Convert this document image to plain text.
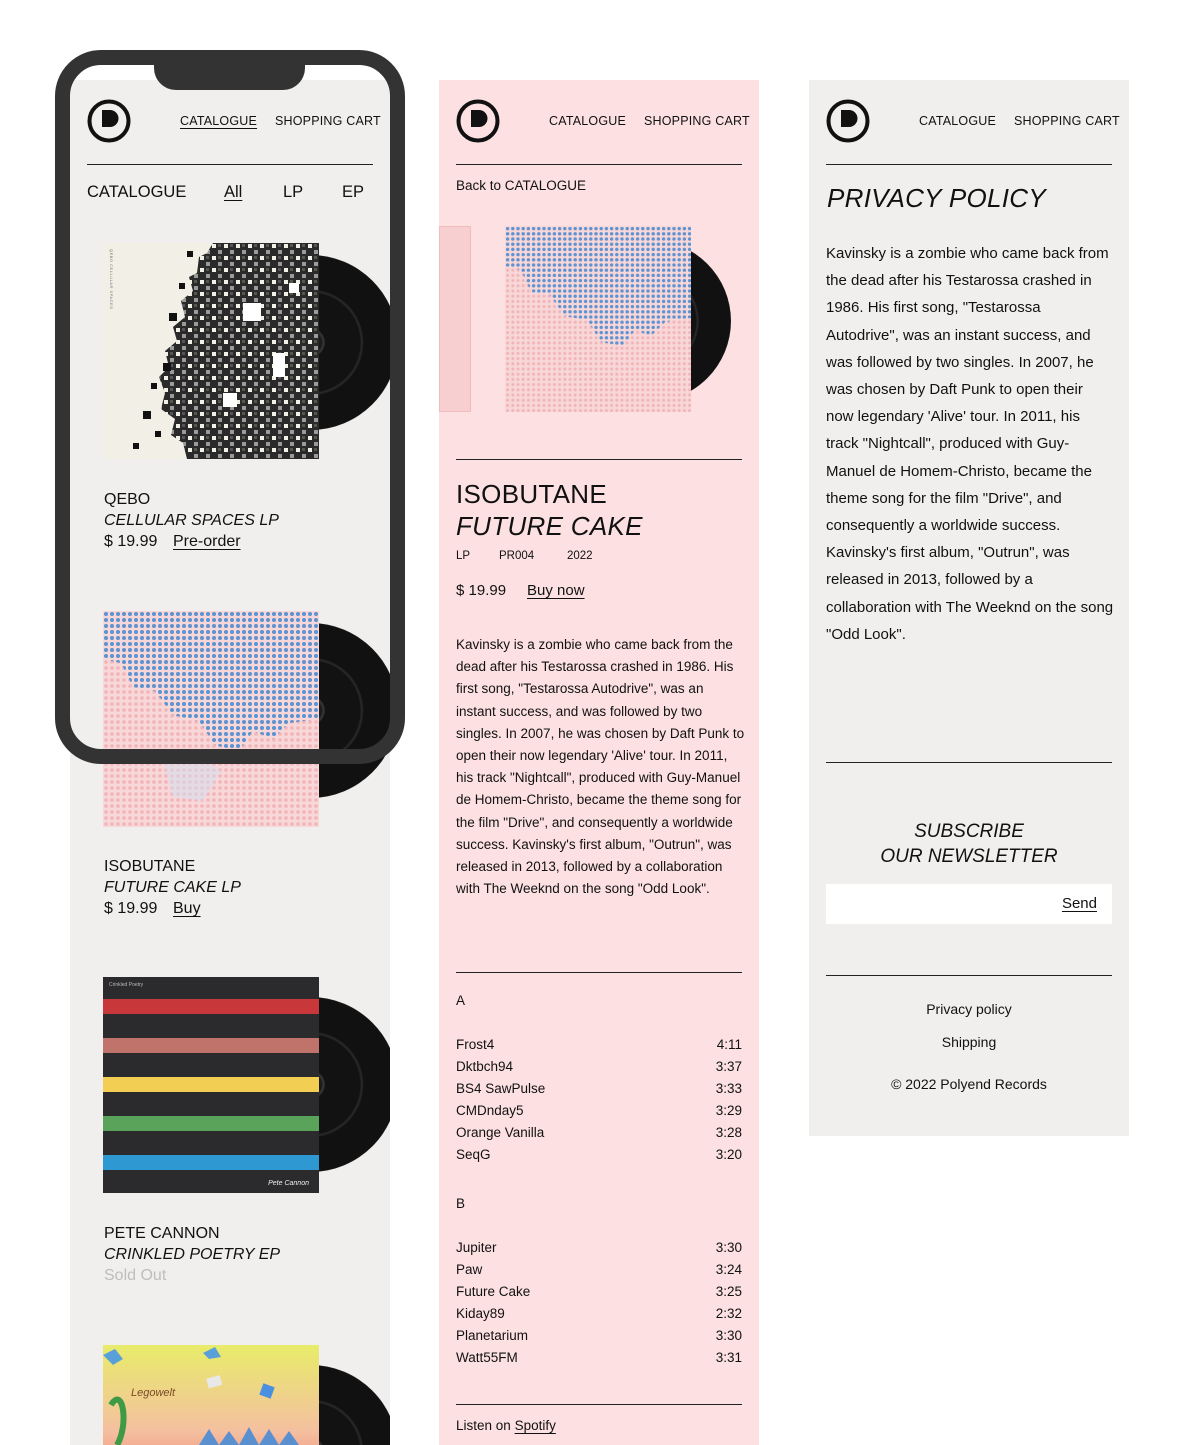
CATALOGUE SHOPPING CART
CATALOGUE All LP EP
QEBO CELLULAR SPACES
QEBO
CELLULAR SPACES LP
$ 19.99 Pre-order
ISOBUTANE
FUTURE CAKE LP
$ 19.99 Buy
Crinkled Poetry
Pete Cannon
PETE CANNON
CRINKLED POETRY EP
Sold Out
Legowelt
CATALOGUE SHOPPING CART
Back to CATALOGUE
ISOBUTANE
FUTURE CAKE
LP	PR004	2022
$ 19.99 Buy now
Kavinsky is a zombie who came back from the dead after his Testarossa crashed in 1986. His first song, "Testarossa Autodrive", was an instant success, and was followed by two singles. In 2007, he was chosen by Daft Punk to open their now legendary 'Alive' tour. In 2011, his track "Nightcall", produced with Guy-Manuel de Homem-Christo, became the theme song for the film "Drive", and consequently a worldwide success. Kavinsky's first album, "Outrun", was released in 2013, followed by a collaboration with The Weeknd on the song "Odd Look".
A
Frost4	4:11
Dktbch94	3:37
BS4 SawPulse	3:33
CMDnday5	3:29
Orange Vanilla	3:28
SeqG	3:20
B
Jupiter	3:30
Paw	3:24
Future Cake	3:25
Kiday89	2:32
Planetarium	3:30
Watt55FM	3:31
Listen on Spotify
CATALOGUE SHOPPING CART
PRIVACY POLICY
Kavinsky is a zombie who came back from the dead after his Testarossa crashed in 1986. His first song, "Testarossa Autodrive", was an instant success, and was followed by two singles. In 2007, he was chosen by Daft Punk to open their now legendary 'Alive' tour. In 2011, his track "Nightcall", produced with Guy-Manuel de Homem-Christo, became the theme song for the film "Drive", and consequently a worldwide success. Kavinsky's first album, "Outrun", was released in 2013, followed by a collaboration with The Weeknd on the song "Odd Look".
SUBSCRIBE
OUR NEWSLETTER
Send
Privacy policy
Shipping
© 2022 Polyend Records
